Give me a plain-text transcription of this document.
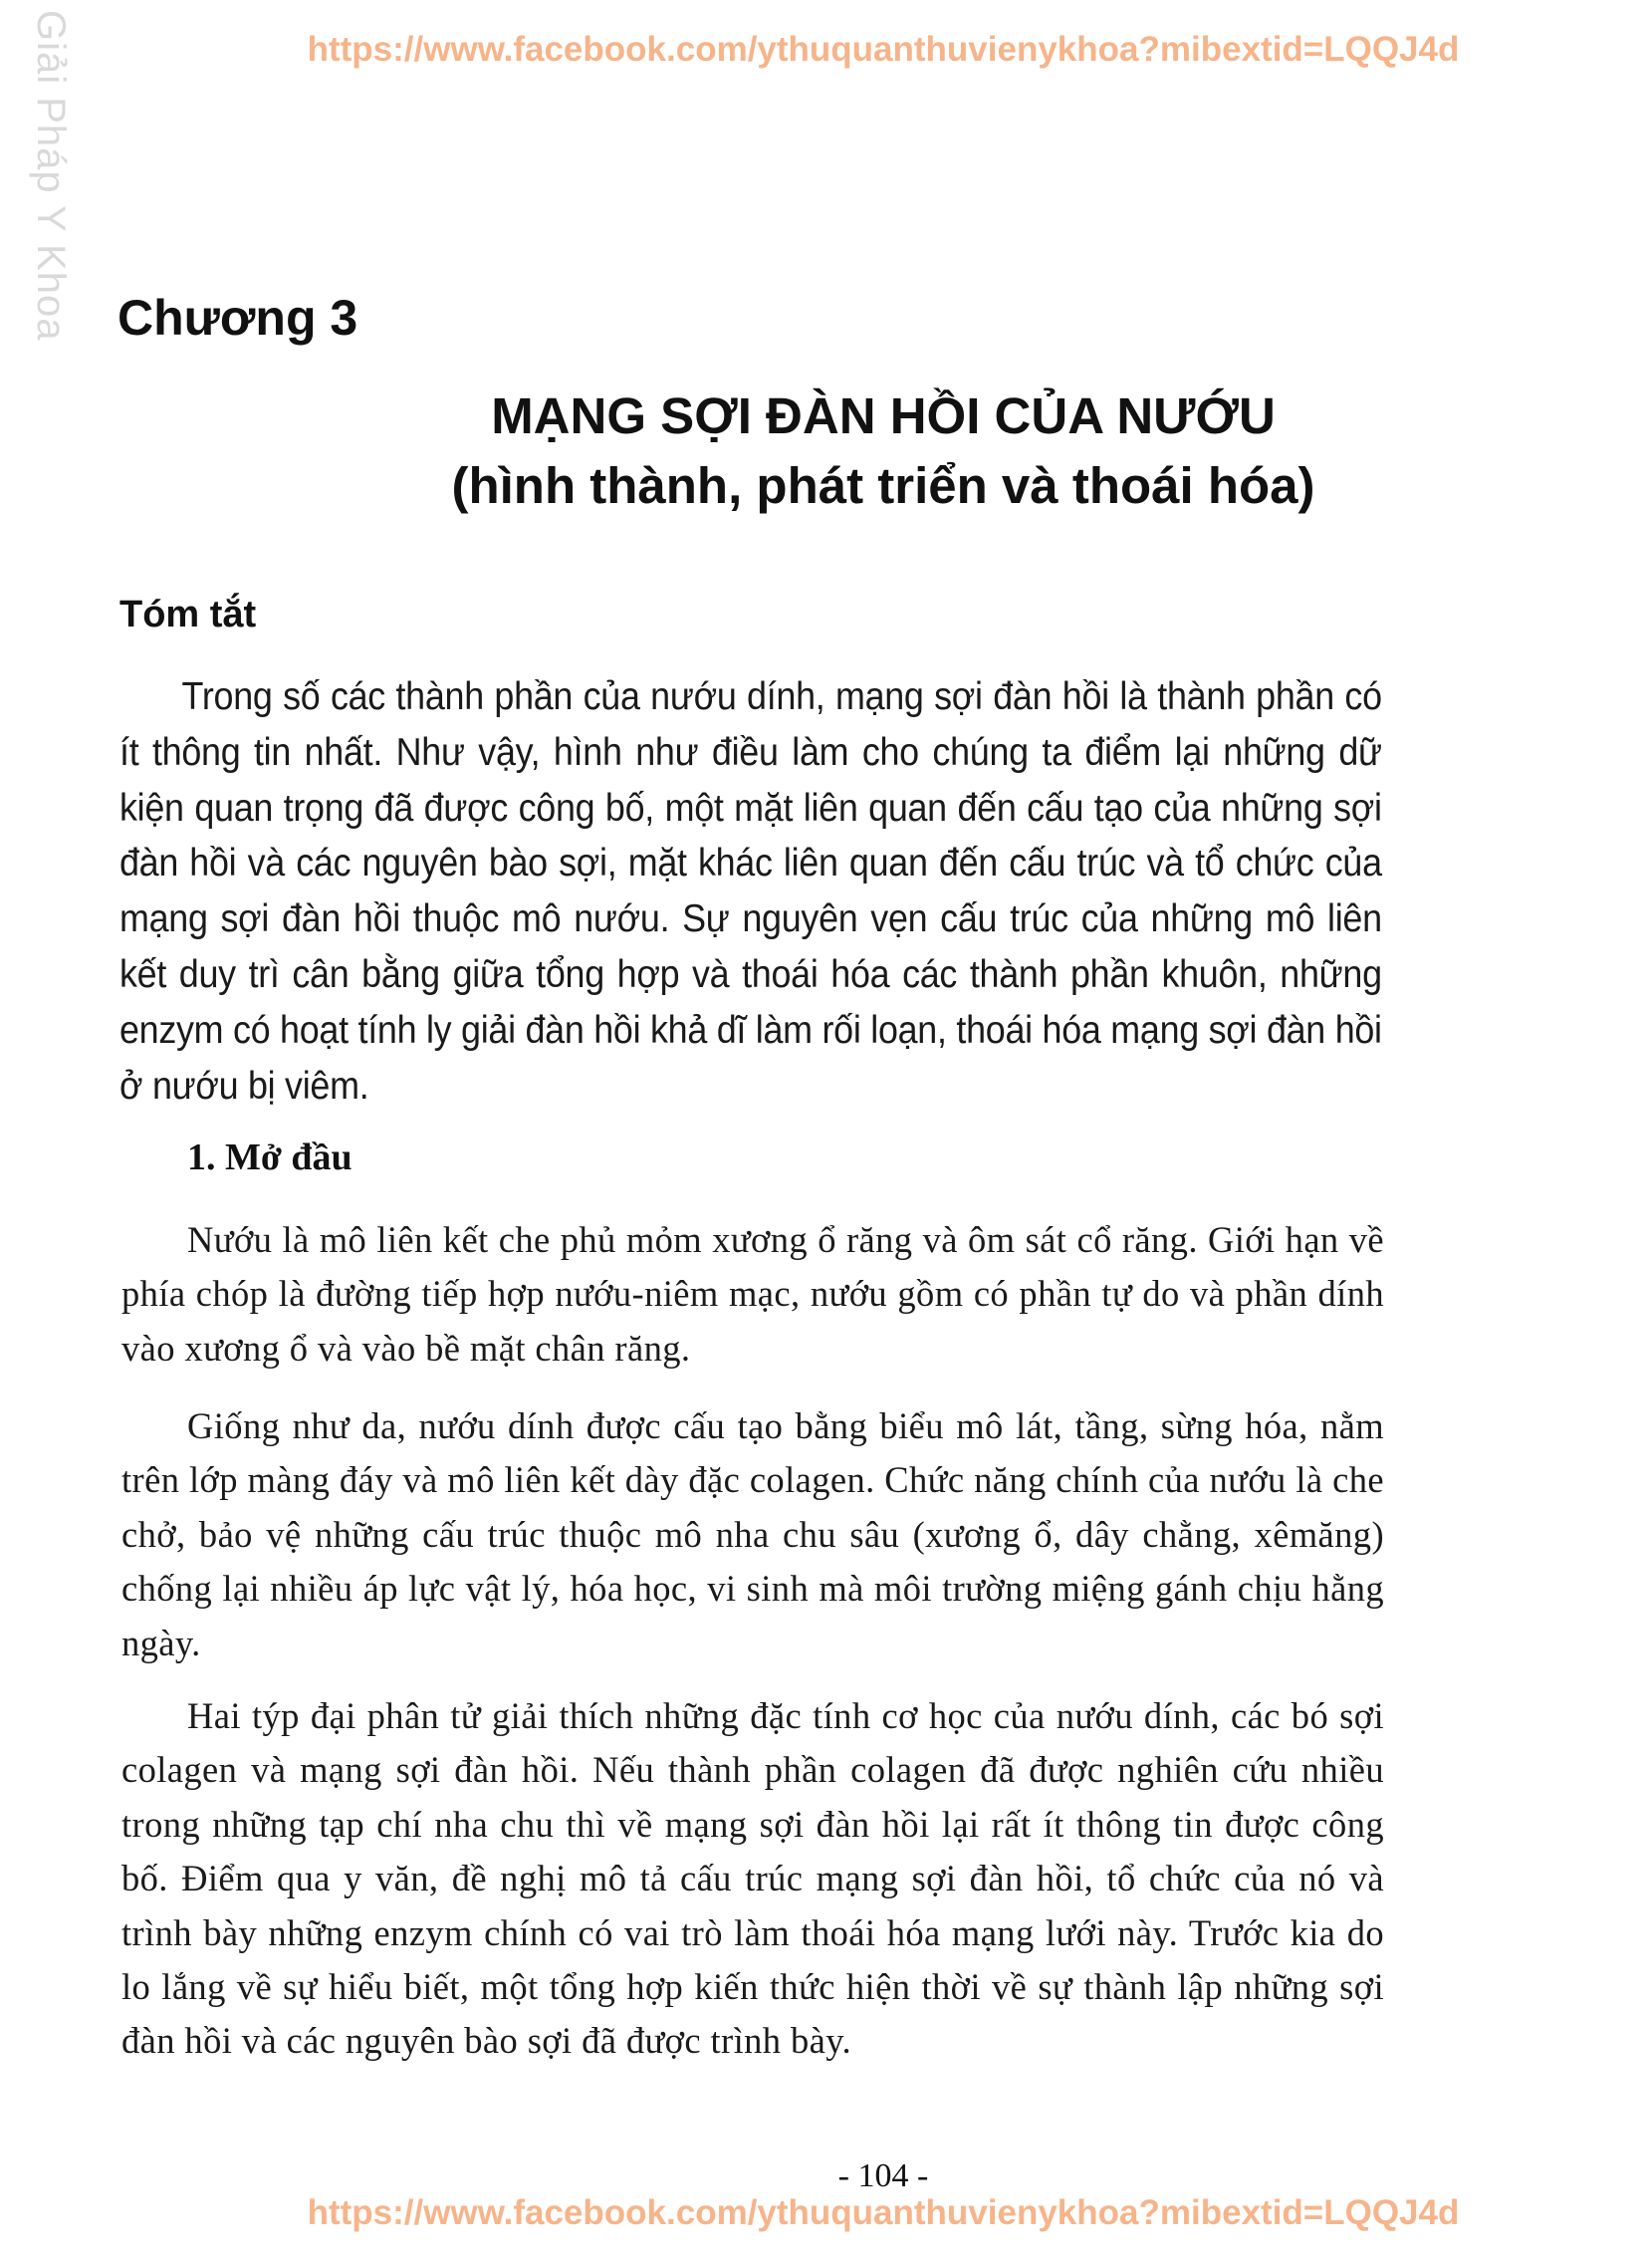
Giải Pháp Y Khoa	https://www.facebook.com/ythuquanthuvienykhoa?mibextid=LQQJ4d
Chương 3
MẠNG SỢI ĐÀN HỒI CỦA NƯỚU
(hình thành, phát triển và thoái hóa)
Tóm tắt

Trong số các thành phần của nướu dính, mạng sợi đàn hồi là thành phần có ít thông tin nhất. Như vậy, hình như điều làm cho chúng ta điểm lại những dữ kiện quan trọng đã được công bố, một mặt liên quan đến cấu tạo của những sợi đàn hồi và các nguyên bào sợi, mặt khác liên quan đến cấu trúc và tổ chức của mạng sợi đàn hồi thuộc mô nướu. Sự nguyên vẹn cấu trúc của những mô liên kết duy trì cân bằng giữa tổng hợp và thoái hóa các thành phần khuôn, những enzym có hoạt tính ly giải đàn hồi khả dĩ làm rối loạn, thoái hóa mạng sợi đàn hồi ở nướu bị viêm.

1. Mở đầu

Nướu là mô liên kết che phủ mỏm xương ổ răng và ôm sát cổ răng. Giới hạn về phía chóp là đường tiếp hợp nướu-niêm mạc, nướu gồm có phần tự do và phần dính vào xương ổ và vào bề mặt chân răng.

Giống như da, nướu dính được cấu tạo bằng biểu mô lát, tầng, sừng hóa, nằm trên lớp màng đáy và mô liên kết dày đặc colagen. Chức năng chính của nướu là che chở, bảo vệ những cấu trúc thuộc mô nha chu sâu (xương ổ, dây chằng, xêmăng) chống lại nhiều áp lực vật lý, hóa học, vi sinh mà môi trường miệng gánh chịu hằng ngày.

Hai týp đại phân tử giải thích những đặc tính cơ học của nướu dính, các bó sợi colagen và mạng sợi đàn hồi. Nếu thành phần colagen đã được nghiên cứu nhiều trong những tạp chí nha chu thì về mạng sợi đàn hồi lại rất ít thông tin được công bố. Điểm qua y văn, đề nghị mô tả cấu trúc mạng sợi đàn hồi, tổ chức của nó và trình bày những enzym chính có vai trò làm thoái hóa mạng lưới này. Trước kia do lo lắng về sự hiểu biết, một tổng hợp kiến thức hiện thời về sự thành lập những sợi đàn hồi và các nguyên bào sợi đã được trình bày.

- 104 -
https://www.facebook.com/ythuquanthuvienykhoa?mibextid=LQQJ4d
